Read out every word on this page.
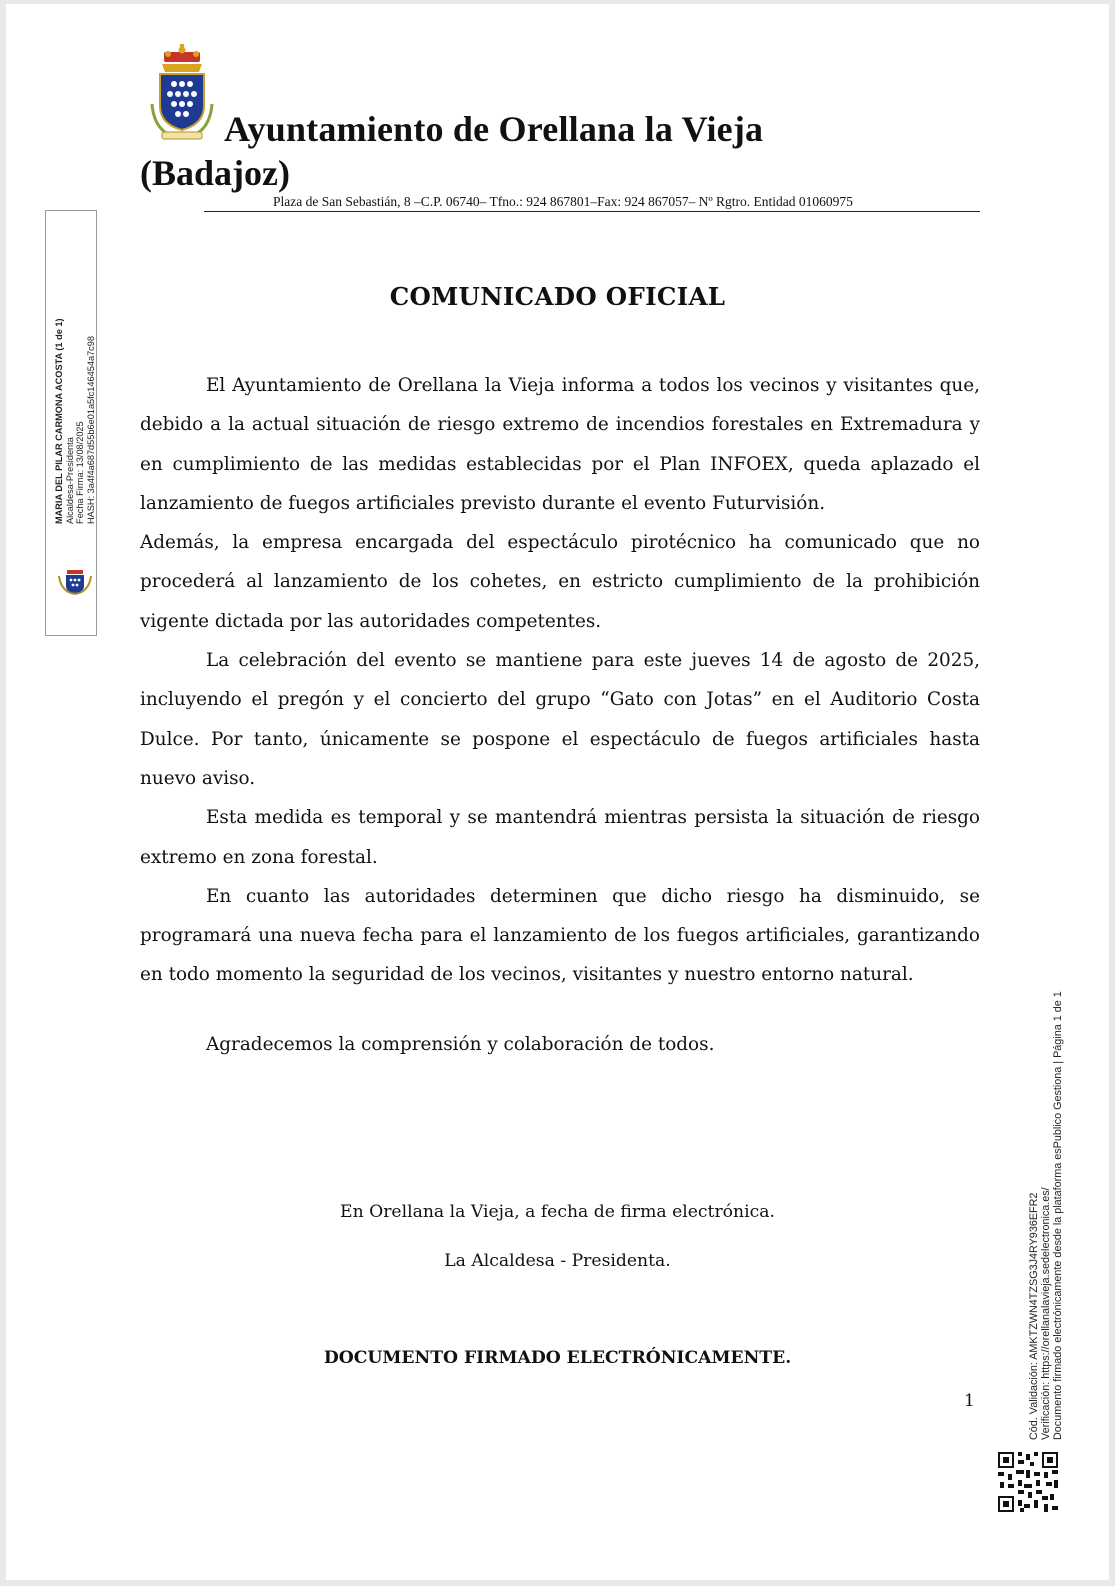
Ayuntamiento de Orellana la Vieja
(Badajoz)
Plaza de San Sebastián, 8 –C.P. 06740– Tfno.: 924 867801–Fax: 924 867057– Nº Rgtro. Entidad 01060975
MARIA DEL PILAR CARMONA ACOSTA (1 de 1) Alcaldesa-Presidenta Fecha Firma: 13/08/2025 HASH: 3a4f4a687d55b6e01a5fc146454a7c98
COMUNICADO OFICIAL

El Ayuntamiento de Orellana la Vieja informa a todos los vecinos y visitantes que, debido a la actual situación de riesgo extremo de incendios forestales en Extremadura y en cumplimiento de las medidas establecidas por el Plan INFOEX, queda aplazado el lanzamiento de fuegos artificiales previsto durante el evento Futurvisión.

Además, la empresa encargada del espectáculo pirotécnico ha comunicado que no procederá al lanzamiento de los cohetes, en estricto cumplimiento de la prohibición vigente dictada por las autoridades competentes.

La celebración del evento se mantiene para este jueves 14 de agosto de 2025, incluyendo el pregón y el concierto del grupo “Gato con Jotas” en el Auditorio Costa Dulce. Por tanto, únicamente se pospone el espectáculo de fuegos artificiales hasta nuevo aviso.

Esta medida es temporal y se mantendrá mientras persista la situación de riesgo extremo en zona forestal.

En cuanto las autoridades determinen que dicho riesgo ha disminuido, se programará una nueva fecha para el lanzamiento de los fuegos artificiales, garantizando en todo momento la seguridad de los vecinos, visitantes y nuestro entorno natural.

Agradecemos la comprensión y colaboración de todos.
En Orellana la Vieja, a fecha de firma electrónica.
La Alcaldesa - Presidenta.
DOCUMENTO FIRMADO ELECTRÓNICAMENTE.
1	Cód. Validación: AMKTZWN4TZSG3J4RY936EFR2 Verificación: https://orellanalavieja.sedelectronica.es/ Documento firmado electrónicamente desde la plataforma esPublico Gestiona | Página 1 de 1
